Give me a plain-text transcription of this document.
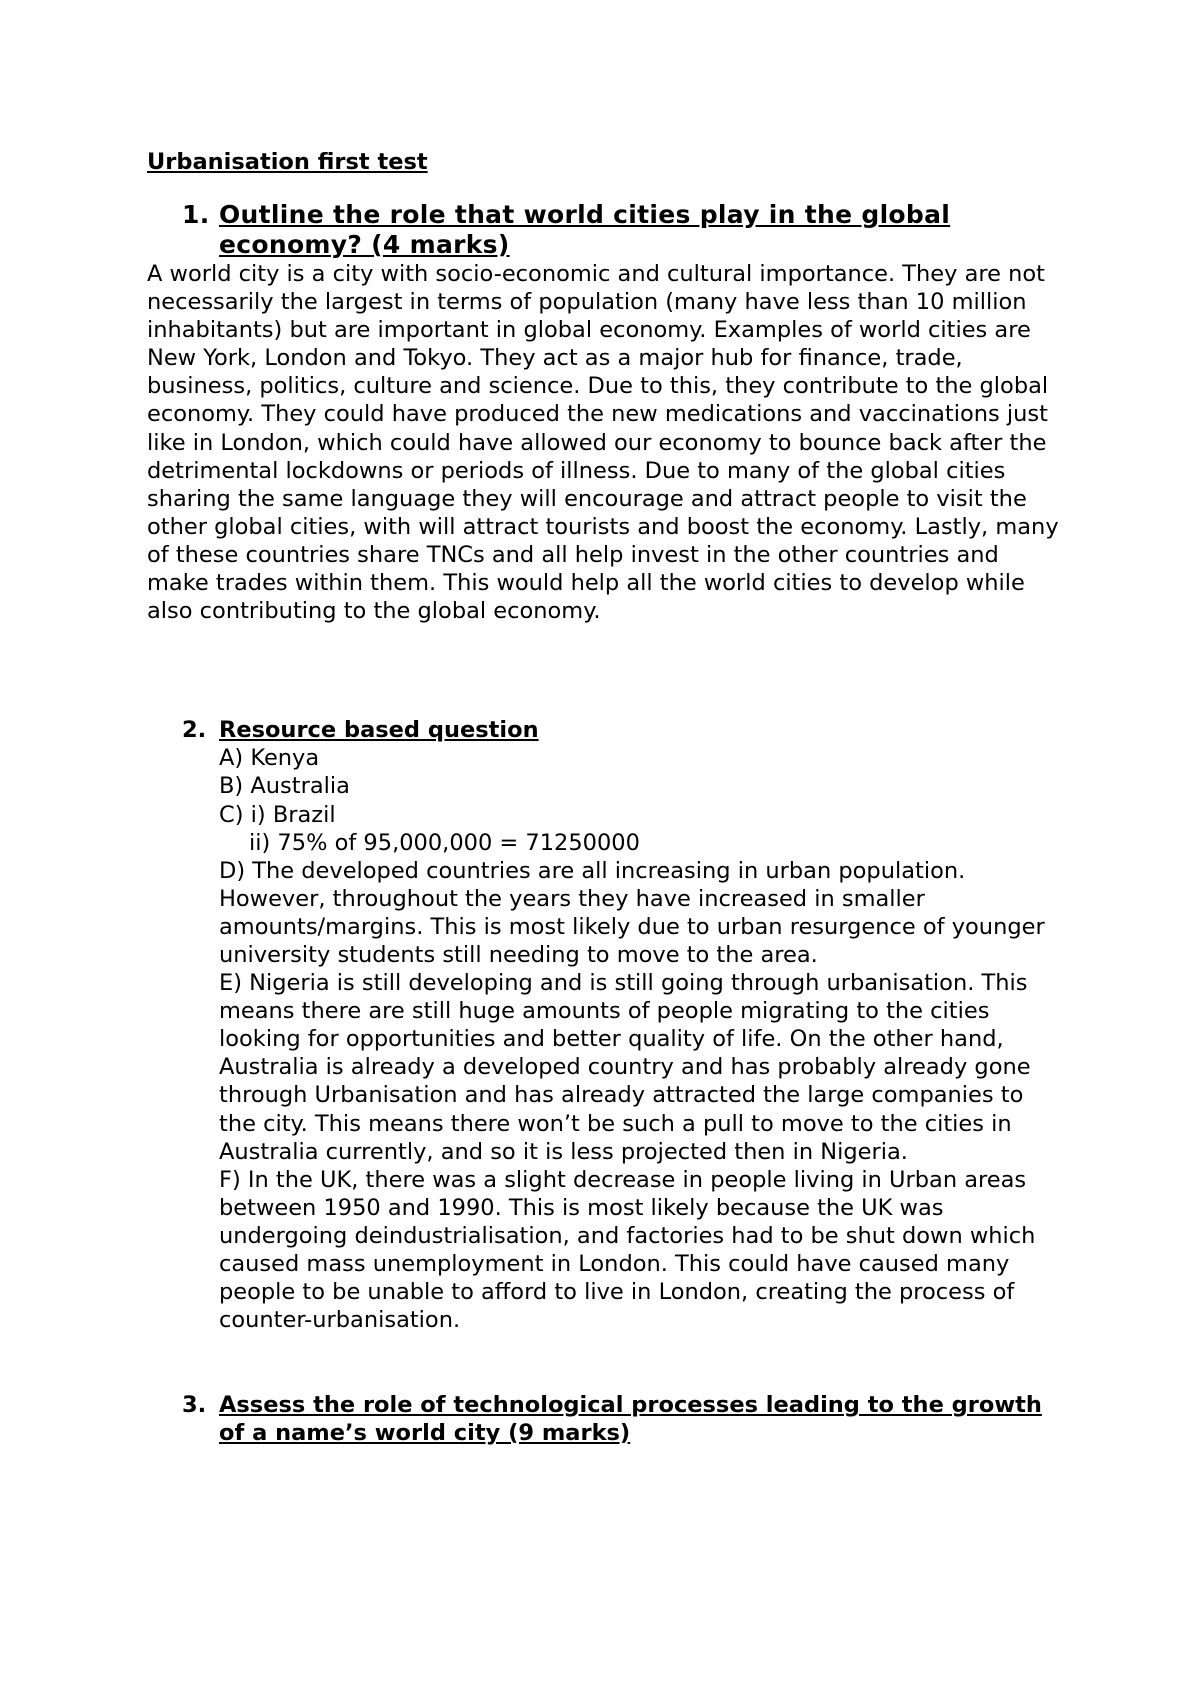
Urbanisation first test

1. Outline the role that world cities play in the global economy? (4 marks)

A world city is a city with socio-economic and cultural importance. They are not necessarily the largest in terms of population (many have less than 10 million inhabitants) but are important in global economy. Examples of world cities are New York, London and Tokyo. They act as a major hub for finance, trade, business, politics, culture and science. Due to this, they contribute to the global economy. They could have produced the new medications and vaccinations just like in London, which could have allowed our economy to bounce back after the detrimental lockdowns or periods of illness. Due to many of the global cities sharing the same language they will encourage and attract people to visit the other global cities, with will attract tourists and boost the economy. Lastly, many of these countries share TNCs and all help invest in the other countries and make trades within them. This would help all the world cities to develop while also contributing to the global economy.

2. Resource based question

A) Kenya

B) Australia

C) i) Brazil

ii) 75% of 95,000,000 = 71250000

D) The developed countries are all increasing in urban population. However, throughout the years they have increased in smaller amounts/margins. This is most likely due to urban resurgence of younger university students still needing to move to the area.

E) Nigeria is still developing and is still going through urbanisation. This means there are still huge amounts of people migrating to the cities looking for opportunities and better quality of life. On the other hand, Australia is already a developed country and has probably already gone through Urbanisation and has already attracted the large companies to the city. This means there won’t be such a pull to move to the cities in Australia currently, and so it is less projected then in Nigeria.

F) In the UK, there was a slight decrease in people living in Urban areas between 1950 and 1990. This is most likely because the UK was undergoing deindustrialisation, and factories had to be shut down which caused mass unemployment in London. This could have caused many people to be unable to afford to live in London, creating the process of counter-urbanisation.

3. Assess the role of technological processes leading to the growth of a name’s world city (9 marks)
